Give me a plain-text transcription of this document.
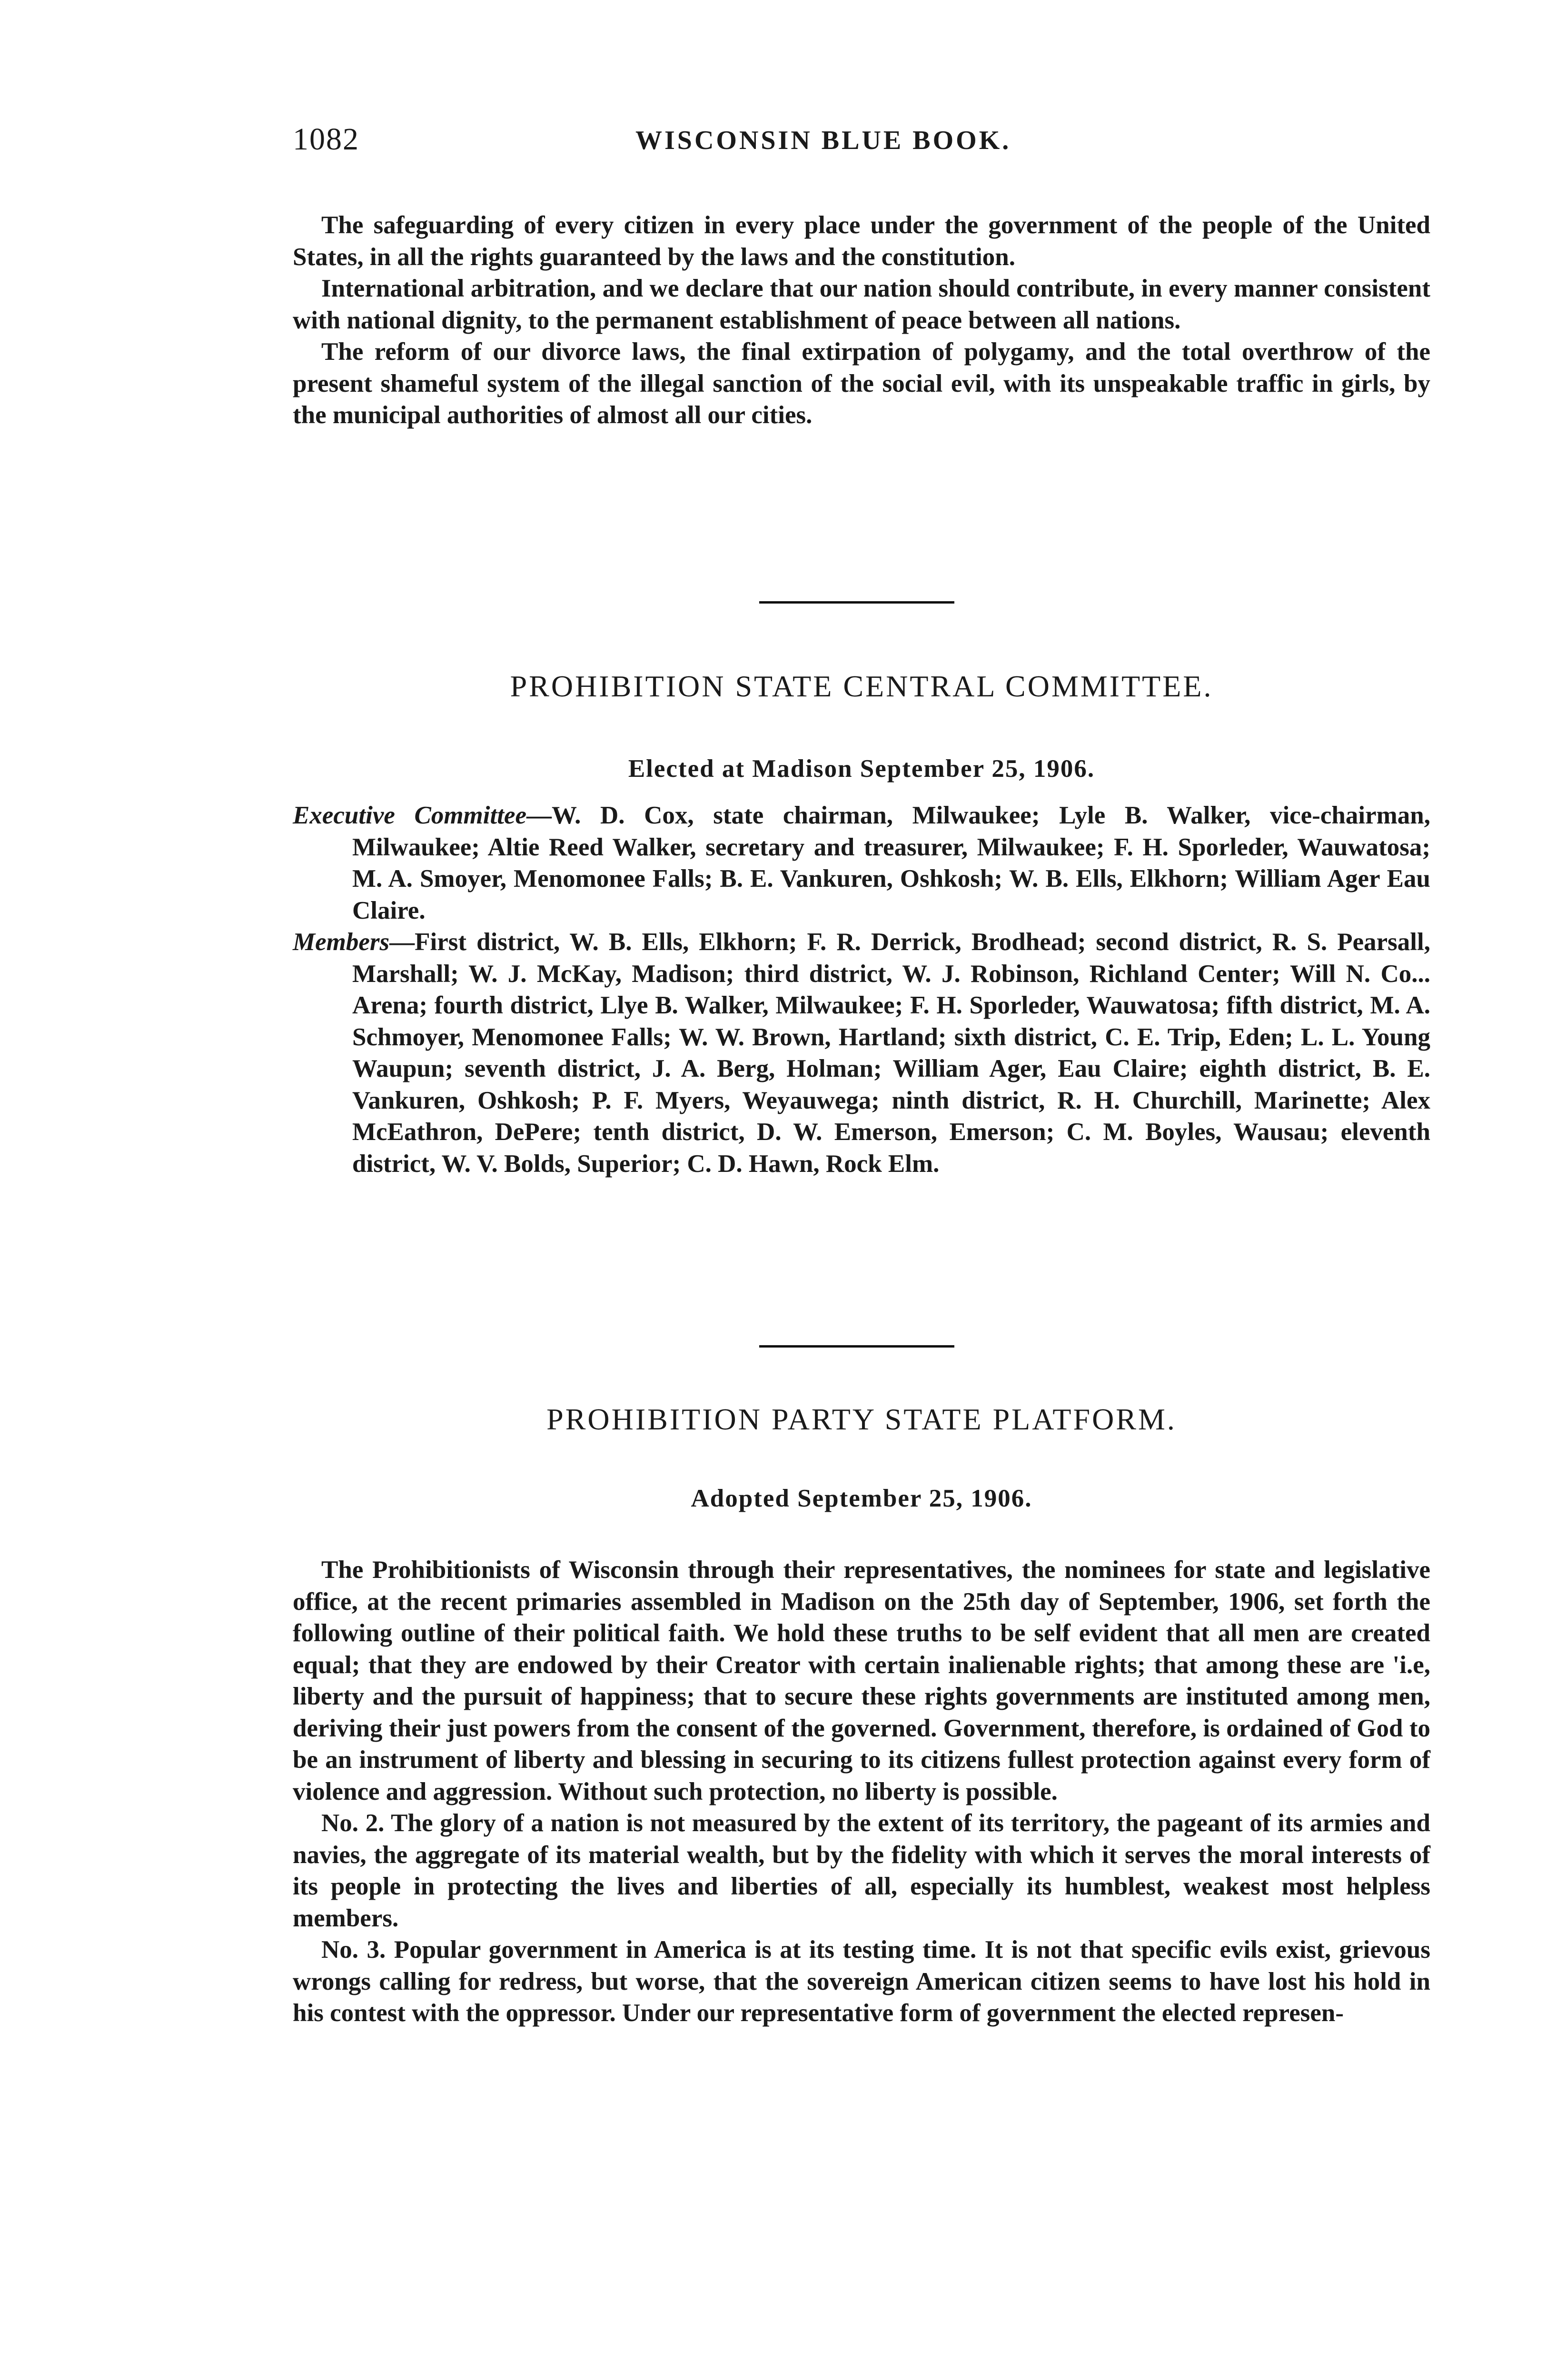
1082	WISCONSIN BLUE BOOK.

The safeguarding of every citizen in every place under the government of the people of the United States, in all the rights guaranteed by the laws and the constitution.

International arbitration, and we declare that our nation should contribute, in every manner consistent with national dignity, to the permanent establishment of peace between all nations.

The reform of our divorce laws, the final extirpation of polygamy, and the total overthrow of the present shameful system of the illegal sanction of the social evil, with its unspeakable traffic in girls, by the municipal authorities of almost all our cities.

PROHIBITION STATE CENTRAL COMMITTEE.
Elected at Madison September 25, 1906.

Executive Committee—W. D. Cox, state chairman, Milwaukee; Lyle B. Walker, vice-chairman, Milwaukee; Altie Reed Walker, secretary and treasurer, Milwaukee; F. H. Sporleder, Wauwatosa; M. A. Smoyer, Menomonee Falls; B. E. Vankuren, Oshkosh; W. B. Ells, Elkhorn; William Ager Eau Claire.

Members—First district, W. B. Ells, Elkhorn; F. R. Derrick, Brodhead; second district, R. S. Pearsall, Marshall; W. J. McKay, Madison; third district, W. J. Robinson, Richland Center; Will N. Co... Arena; fourth district, Llye B. Walker, Milwaukee; F. H. Sporleder, Wauwatosa; fifth district, M. A. Schmoyer, Menomonee Falls; W. W. Brown, Hartland; sixth district, C. E. Trip, Eden; L. L. Young Waupun; seventh district, J. A. Berg, Holman; William Ager, Eau Claire; eighth district, B. E. Vankuren, Oshkosh; P. F. Myers, Weyauwega; ninth district, R. H. Churchill, Marinette; Alex McEathron, DePere; tenth district, D. W. Emerson, Emerson; C. M. Boyles, Wausau; eleventh district, W. V. Bolds, Superior; C. D. Hawn, Rock Elm.

PROHIBITION PARTY STATE PLATFORM.
Adopted September 25, 1906.

The Prohibitionists of Wisconsin through their representatives, the nominees for state and legislative office, at the recent primaries assembled in Madison on the 25th day of September, 1906, set forth the following outline of their political faith. We hold these truths to be self evident that all men are created equal; that they are endowed by their Creator with certain inalienable rights; that among these are 'i.e, liberty and the pursuit of happiness; that to secure these rights governments are instituted among men, deriving their just powers from the consent of the governed. Government, therefore, is ordained of God to be an instrument of liberty and blessing in securing to its citizens fullest protection against every form of violence and aggression. Without such protection, no liberty is possible.

No. 2. The glory of a nation is not measured by the extent of its territory, the pageant of its armies and navies, the aggregate of its material wealth, but by the fidelity with which it serves the moral interests of its people in protecting the lives and liberties of all, especially its humblest, weakest most helpless members.

No. 3. Popular government in America is at its testing time. It is not that specific evils exist, grievous wrongs calling for redress, but worse, that the sovereign American citizen seems to have lost his hold in his contest with the oppressor. Under our representative form of government the elected represen-
